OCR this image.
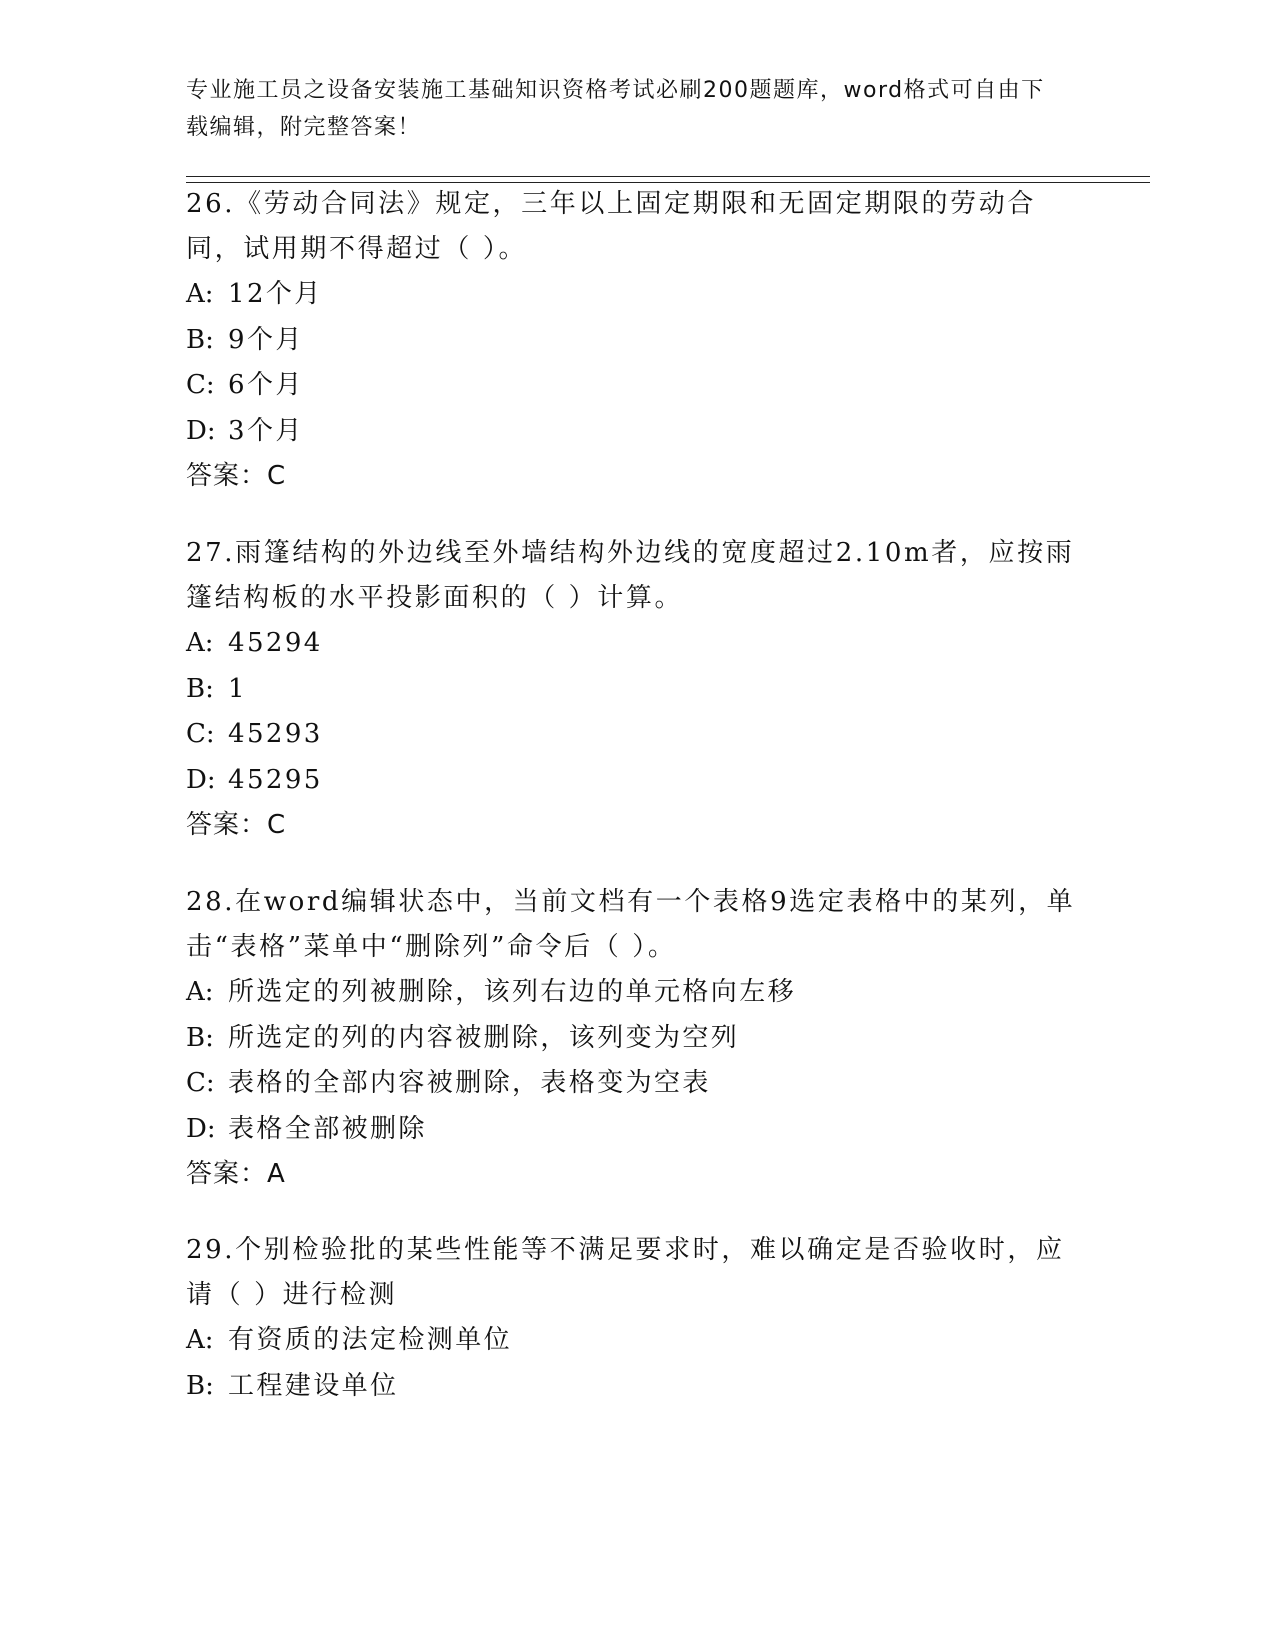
专业施工员之设备安装施工基础知识资格考试必刷200题题库，word格式可自由下载编辑，附完整答案！
26.《劳动合同法》规定，三年以上固定期限和无固定期限的劳动合同，试用期不得超过（ ）。
A: 12个月
B: 9个月
C: 6个月
D: 3个月
答案：C
27.雨篷结构的外边线至外墙结构外边线的宽度超过2.10m者，应按雨篷结构板的水平投影面积的（ ）计算。
A: 45294
B: 1
C: 45293
D: 45295
答案：C
28.在word编辑状态中，当前文档有一个表格9选定表格中的某列，单击“表格”菜单中“删除列”命令后（ ）。
A: 所选定的列被删除，该列右边的单元格向左移
B: 所选定的列的内容被删除，该列变为空列
C: 表格的全部内容被删除，表格变为空表
D: 表格全部被删除
答案：A
29.个别检验批的某些性能等不满足要求时，难以确定是否验收时，应请（ ）进行检测
A: 有资质的法定检测单位
B: 工程建设单位
